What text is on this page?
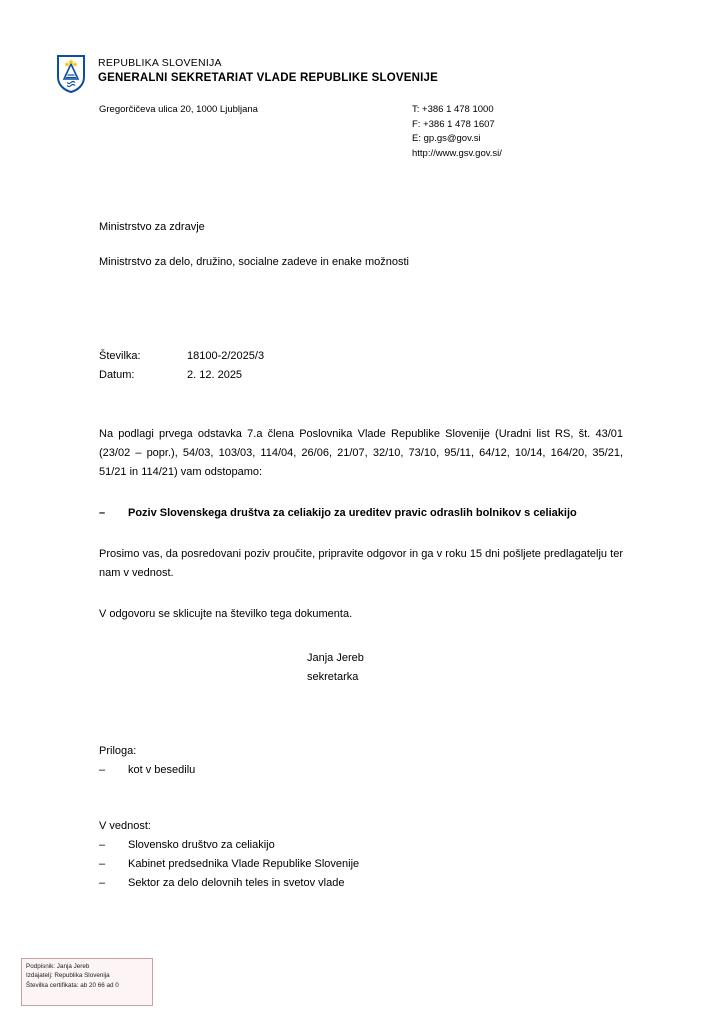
REPUBLIKA SLOVENIJA
GENERALNI SEKRETARIAT VLADE REPUBLIKE SLOVENIJE
Gregorčičeva ulica 20, 1000 Ljubljana	T: +386 1 478 1000
F: +386 1 478 1607
E: gp.gs@gov.si
http://www.gsv.gov.si/
Ministrstvo za zdravje
Ministrstvo za delo, družino, socialne zadeve in enake možnosti
Številka:	18100-2/2025/3
Datum:	2. 12. 2025
Na podlagi prvega odstavka 7.a člena Poslovnika Vlade Republike Slovenije (Uradni list RS, št. 43/01 (23/02 – popr.), 54/03, 103/03, 114/04, 26/06, 21/07, 32/10, 73/10, 95/11, 64/12, 10/14, 164/20, 35/21, 51/21 in 114/21) vam odstopamo:
–	Poziv Slovenskega društva za celiakijo za ureditev pravic odraslih bolnikov s celiakijo
Prosimo vas, da posredovani poziv proučite, pripravite odgovor in ga v roku 15 dni pošljete predlagatelju ter nam v vednost.
V odgovoru se sklicujte na številko tega dokumenta.
Janja Jereb
sekretarka
Priloga:
–	kot v besedilu
V vednost:
–	Slovensko društvo za celiakijo
–	Kabinet predsednika Vlade Republike Slovenije
–	Sektor za delo delovnih teles in svetov vlade
Podpisnik: Janja Jereb
Izdajatelj: Republika Slovenija
Številka certifikata: ab 20 66 ad 0
